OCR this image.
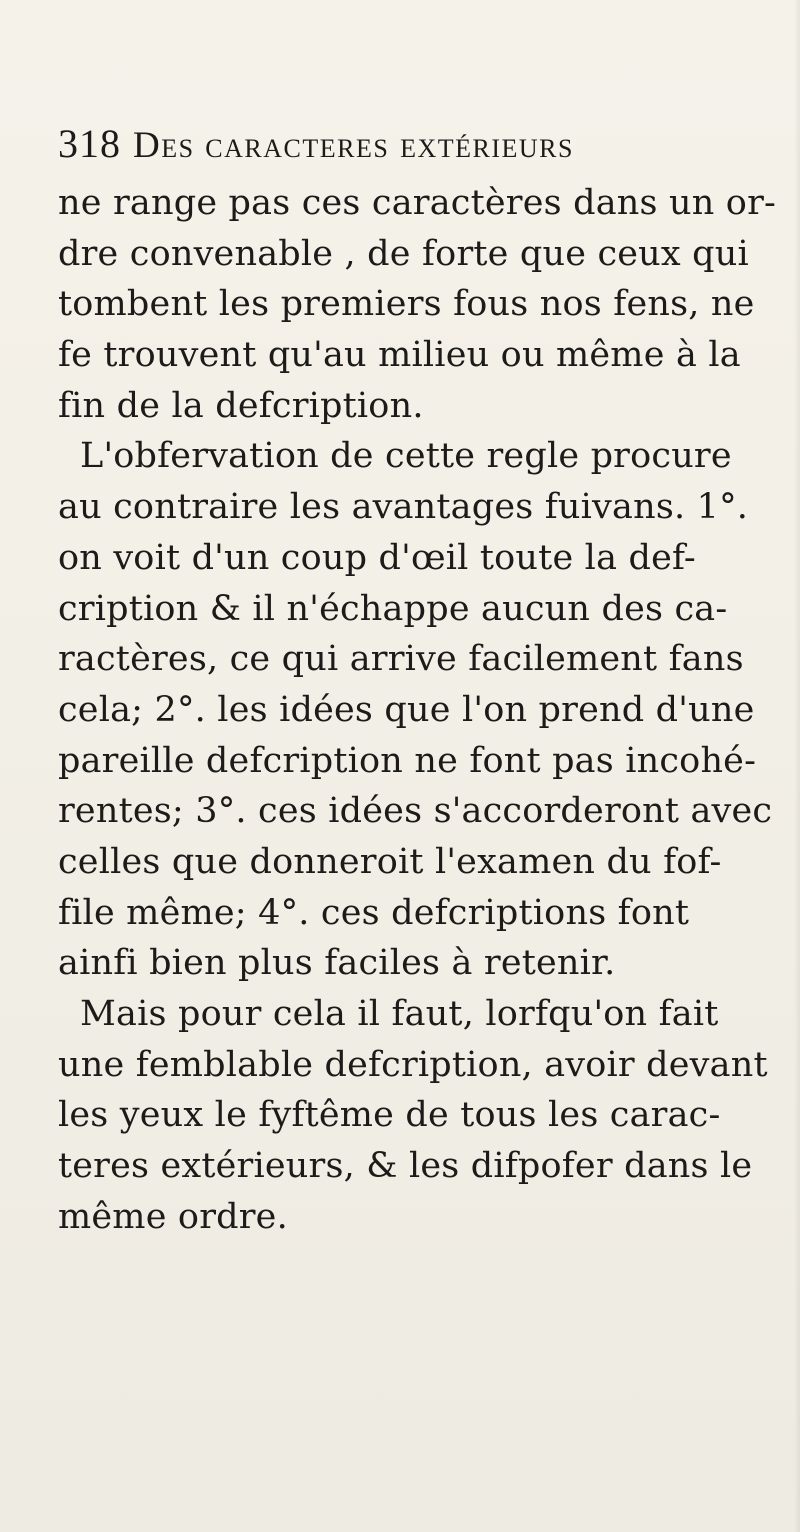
318 Des caracteres extérieurs
ne range pas ces caractères dans un or-
dre convenable , de forte que ceux qui
tombent les premiers fous nos fens, ne
fe trouvent qu'au milieu ou même à la
fin de la defcription.
L'obfervation de cette regle procure
au contraire les avantages fuivans. 1°.
on voit d'un coup d'œil toute la def-
cription & il n'échappe aucun des ca-
ractères, ce qui arrive facilement fans
cela; 2°. les idées que l'on prend d'une
pareille defcription ne font pas incohé-
rentes; 3°. ces idées s'accorderont avec
celles que donneroit l'examen du fof-
file même; 4°. ces defcriptions font
ainfi bien plus faciles à retenir.
Mais pour cela il faut, lorfqu'on fait
une femblable defcription, avoir devant
les yeux le fyftême de tous les carac-
teres extérieurs, & les difpofer dans le
même ordre.
